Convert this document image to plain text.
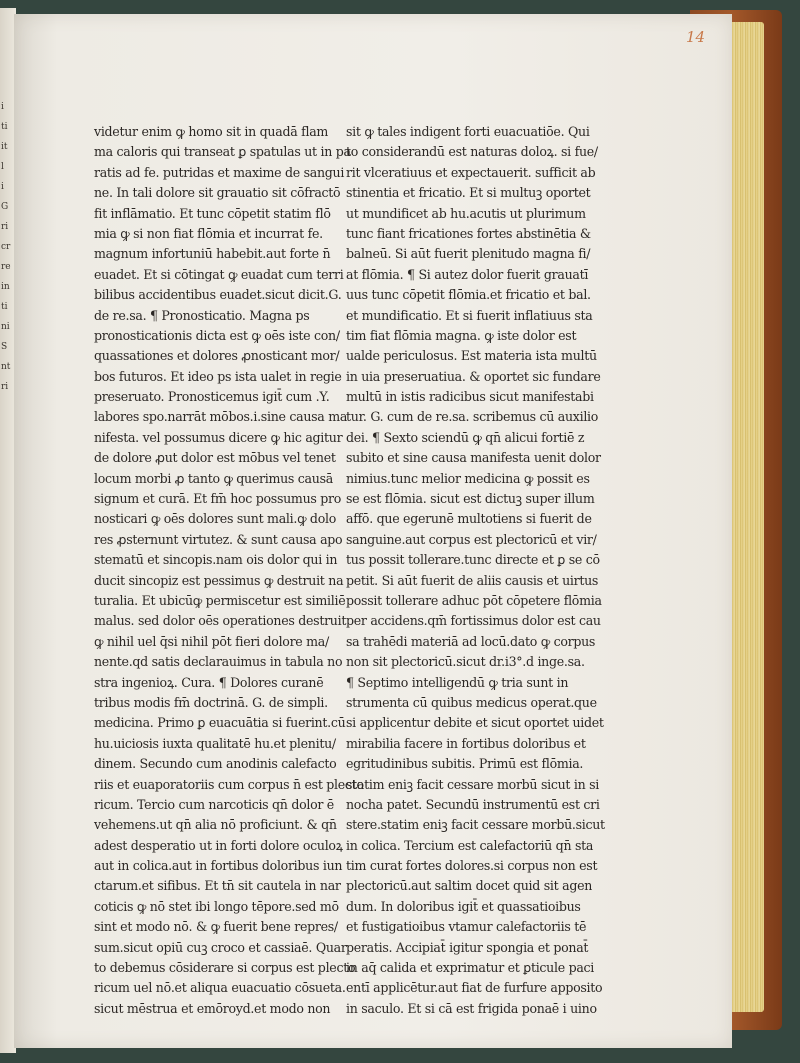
i
ti
it
l
i
G
ri
cr
re
in
ti
ni
S
nt
ri
14
videtur enim ꝙ homo sit in quadā flam
ma caloris qui transeat ꝑ spatulas ut in pa
ratis ad fe. putridas et maxime de sangui
ne. In tali dolore sit grauatio sit cōfractō
fit inflāmatio. Et tunc cōpetit statim flō
mia ꝙ si non fiat flōmia et incurrat fe.
magnum infortuniū habebit.aut forte n̄
euadet. Et si cōtingat ꝙ euadat cum terri
bilibus accidentibus euadet.sicut dicit.G.
de re.sa. ¶ Pronosticatio. Magna ps
pronosticationis dicta est ꝙ oēs iste con/
quassationes et dolores ꝓnosticant mor/
bos futuros. Et ideo ps ista ualet in regie
preseruato. Pronosticemus igit̄ cum .Y.
labores spo.narrāt mōbos.i.sine causa ma
nifesta. vel possumus dicere ꝙ hic agitur
de dolore ꝓut dolor est mōbus vel tenet
locum morbi ꝓ tanto ꝙ querimus causā
signum et curā. Et fm̄ hoc possumus pro
nosticari ꝙ oēs dolores sunt mali.ꝙ dolo
res ꝓsternunt virtutez. & sunt causa apo
stematū et sincopis.nam ois dolor qui in
ducit sincopiz est pessimus ꝙ destruit na
turalia. Et ubicūꝙ permiscetur est similiē
malus. sed dolor oēs operationes destruit
ꝙ nihil uel q̄si nihil pōt fieri dolore ma/
nente.qd satis declarauimus in tabula no
stra ingenioꝝ. Cura. ¶ Dolores curanē
tribus modis fm̄ doctrinā. G. de simpli.
medicina. Primo ꝑ euacuātia si fuerint.cū
hu.uiciosis iuxta qualitatē hu.et plenitu/
dinem. Secundo cum anodinis calefacto
riis et euaporatoriis cum corpus n̄ est plecto
ricum. Tercio cum narcoticis qn̄ dolor ē
vehemens.ut qn̄ alia nō proficiunt. & qn̄
adest desperatio ut in forti dolore oculoꝝ
aut in colica.aut in fortibus doloribus iun
ctarum.et sifibus. Et tn̄ sit cautela in nar
coticis ꝙ nō stet ibi longo tēpore.sed mō
sint et modo nō. & ꝙ fuerit bene repres/
sum.sicut opiū cuꝫ croco et cassiaē. Quar
to debemus cōsiderare si corpus est plecto
ricum uel nō.et aliqua euacuatio cōsueta.
sicut mēstrua et emōroyd.et modo non
sit ꝙ tales indigent forti euacuatiōe. Qui
to considerandū est naturas doloꝝ. si fue/
rit vlceratiuus et expectauerit. sufficit ab
stinentia et fricatio. Et si multuꝫ oportet
ut mundificet ab hu.acutis ut plurimum
tunc fiant fricationes fortes abstinētia &
balneū. Si aūt fuerit plenitudo magna fi/
at flōmia. ¶ Si autez dolor fuerit grauatī
uus tunc cōpetit flōmia.et fricatio et bal.
et mundificatio. Et si fuerit inflatiuus sta
tim fiat flōmia magna. ꝙ iste dolor est
ualde periculosus. Est materia ista multū
in uia preseruatiua. & oportet sic fundare
multū in istis radicibus sicut manifestabi
tur. G. cum de re.sa. scribemus cū auxilio
dei. ¶ Sexto sciendū ꝙ qn̄ alicui fortiē z
subito et sine causa manifesta uenit dolor
nimius.tunc melior medicina ꝙ possit es
se est flōmia. sicut est dictuꝫ super illum
affō. que egerunē multotiens si fuerit de
sanguine.aut corpus est plectoricū et vir/
tus possit tollerare.tunc directe et ꝑ se cō
petit. Si aūt fuerit de aliis causis et uirtus
possit tollerare adhuc pōt cōpetere flōmia
per accidens.qm̄ fortissimus dolor est cau
sa trahēdi materiā ad locū.dato ꝙ corpus
non sit plectoricū.sicut dr.i3°.d inge.sa.
¶ Septimo intelligendū ꝙ tria sunt in
strumenta cū quibus medicus operat.que
si applicentur debite et sicut oportet uidet
mirabilia facere in fortibus doloribus et
egritudinibus subitis. Primū est flōmia.
statim eniꝫ facit cessare morbū sicut in si
nocha patet. Secundū instrumentū est cri
stere.statim eniꝫ facit cessare morbū.sicut
in colica. Tercium est calefactoriū qn̄ sta
tim curat fortes dolores.si corpus non est
plectoricū.aut saltim docet quid sit agen
dum. In doloribus igit̄ et quassatioibus
et fustigatioibus vtamur calefactoriis tē
peratis. Accipiat̄ igitur spongia et ponat̄
in aq̄ calida et exprimatur et ꝑticule paci
entī applicētur.aut fiat de furfure apposito
in saculo. Et si cā est frigida ponaē i uino
